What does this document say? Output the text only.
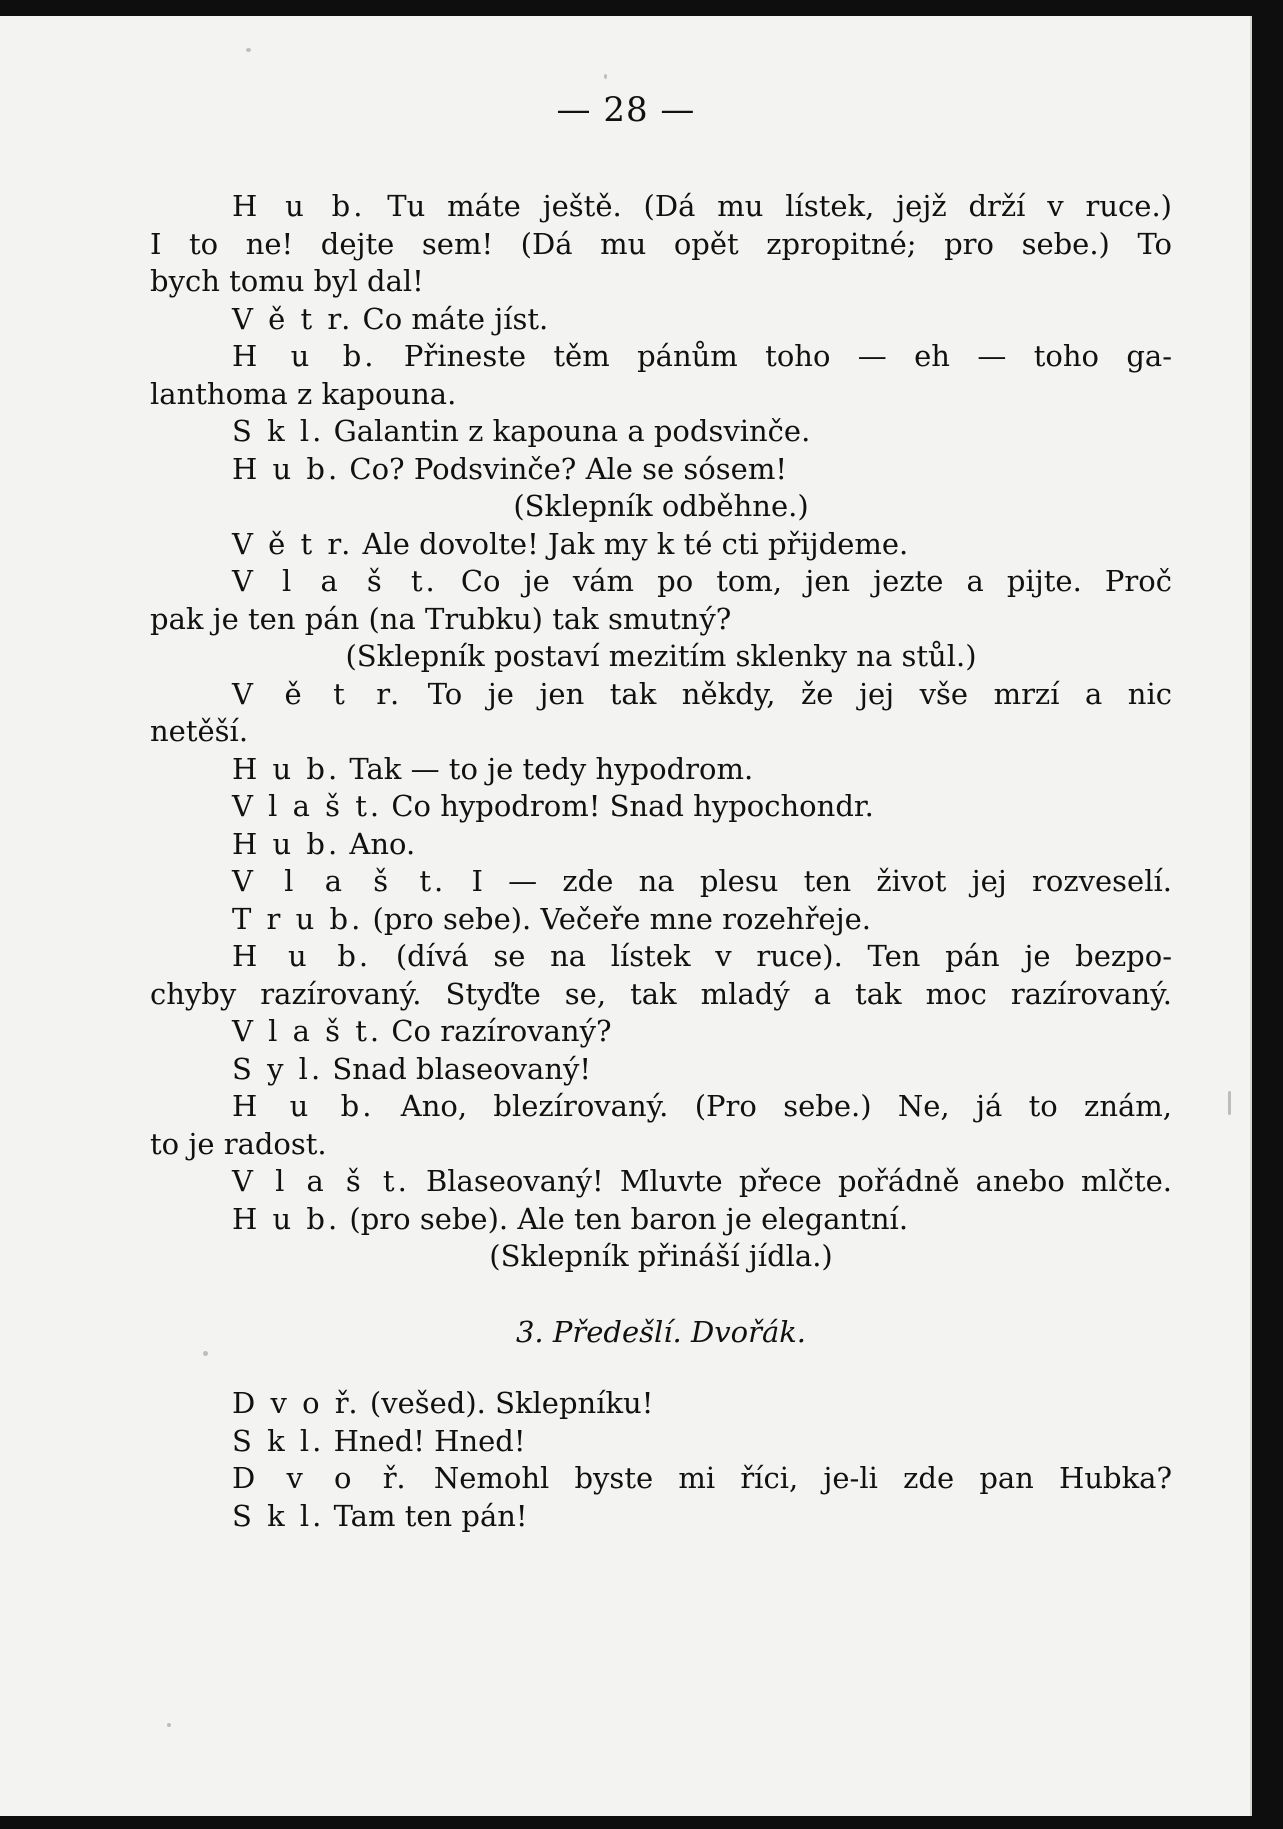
— 28 —
H u b. Tu máte ještě. (Dá mu lístek, jejž drží v ruce.)
I to ne! dejte sem! (Dá mu opět zpropitné; pro sebe.) To
bych tomu byl dal!
V ě t r. Co máte jíst.
H u b. Přineste těm pánům toho — eh — toho ga-
lanthoma z kapouna.
S k l. Galantin z kapouna a podsvinče.
H u b. Co? Podsvinče? Ale se sósem!
(Sklepník odběhne.)
V ě t r. Ale dovolte! Jak my k té cti přijdeme.
V l a š t. Co je vám po tom, jen jezte a pijte. Proč
pak je ten pán (na Trubku) tak smutný?
(Sklepník postaví mezitím sklenky na stůl.)
V ě t r. To je jen tak někdy, že jej vše mrzí a nic
netěší.
H u b. Tak — to je tedy hypodrom.
V l a š t. Co hypodrom! Snad hypochondr.
H u b. Ano.
V l a š t. I — zde na plesu ten život jej rozveselí.
T r u b. (pro sebe). Večeře mne rozehřeje.
H u b. (dívá se na lístek v ruce). Ten pán je bezpo-
chyby razírovaný. Styďte se, tak mladý a tak moc razírovaný.
V l a š t. Co razírovaný?
S y l. Snad blaseovaný!
H u b. Ano, blezírovaný. (Pro sebe.) Ne, já to znám,
to je radost.
V l a š t. Blaseovaný! Mluvte přece pořádně anebo mlčte.
H u b. (pro sebe). Ale ten baron je elegantní.
(Sklepník přináší jídla.)
3. Předešlí. Dvořák.
D v o ř. (vešed). Sklepníku!
S k l. Hned! Hned!
D v o ř. Nemohl byste mi říci, je-li zde pan Hubka?
S k l. Tam ten pán!
